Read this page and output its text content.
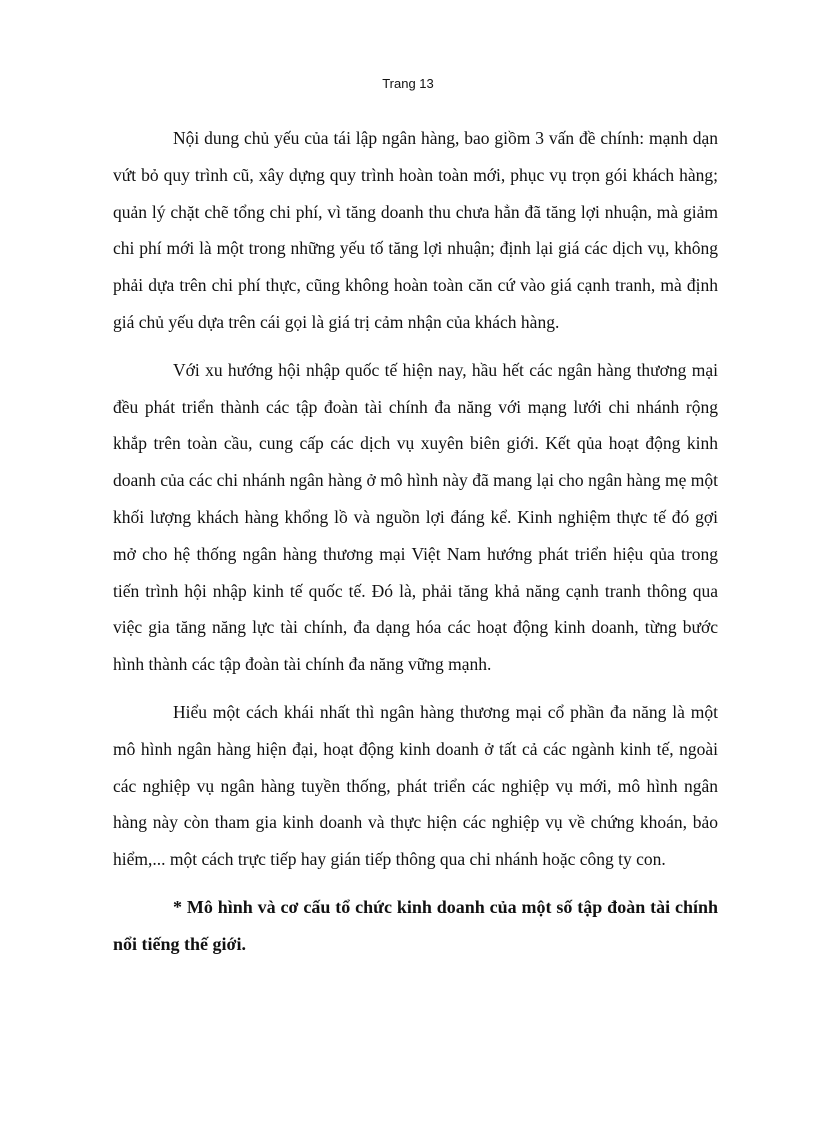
Trang 13

Nội dung chủ yếu của tái lập ngân hàng, bao giồm 3 vấn đề chính: mạnh dạn vứt bỏ quy trình cũ, xây dựng quy trình hoàn toàn mới, phục vụ trọn gói khách hàng; quản lý chặt chẽ tổng chi phí, vì tăng doanh thu chưa hẳn đã tăng lợi nhuận, mà giảm chi phí mới là một trong những yếu tố tăng lợi nhuận; định lại giá các dịch vụ, không phải dựa trên chi phí thực, cũng không hoàn toàn căn cứ vào giá cạnh tranh, mà định giá chủ yếu dựa trên cái gọi là giá trị cảm nhận của khách hàng.

Với xu hướng hội nhập quốc tế hiện nay, hầu hết các ngân hàng thương mại đều phát triển thành các tập đoàn tài chính đa năng với mạng lưới chi nhánh rộng khắp trên toàn cầu, cung cấp các dịch vụ xuyên biên giới. Kết qủa hoạt động kinh doanh của các chi nhánh ngân hàng ở mô hình này đã mang lại cho ngân hàng mẹ một khối lượng khách hàng khổng lồ và nguồn lợi đáng kể. Kinh nghiệm thực tế đó gợi mở cho hệ thống ngân hàng thương mại Việt Nam hướng phát triển hiệu qủa trong tiến trình hội nhập kinh tế quốc tế. Đó là, phải tăng khả năng cạnh tranh thông qua việc gia tăng năng lực tài chính, đa dạng hóa các hoạt động kinh doanh, từng bước hình thành các tập đoàn tài chính đa năng vững mạnh.

Hiểu một cách khái nhất thì ngân hàng thương mại cổ phần đa năng là một mô hình ngân hàng hiện đại, hoạt động kinh doanh ở tất cả các ngành kinh tế, ngoài các nghiệp vụ ngân hàng tuyền thống, phát triển các nghiệp vụ mới, mô hình ngân hàng này còn tham gia kinh doanh và thực hiện các nghiệp vụ về chứng khoán, bảo hiểm,... một cách trực tiếp hay gián tiếp thông qua chi nhánh hoặc công ty con.

* Mô hình và cơ cấu tổ chức kinh doanh của một số tập đoàn tài chính nổi tiếng thế giới.
